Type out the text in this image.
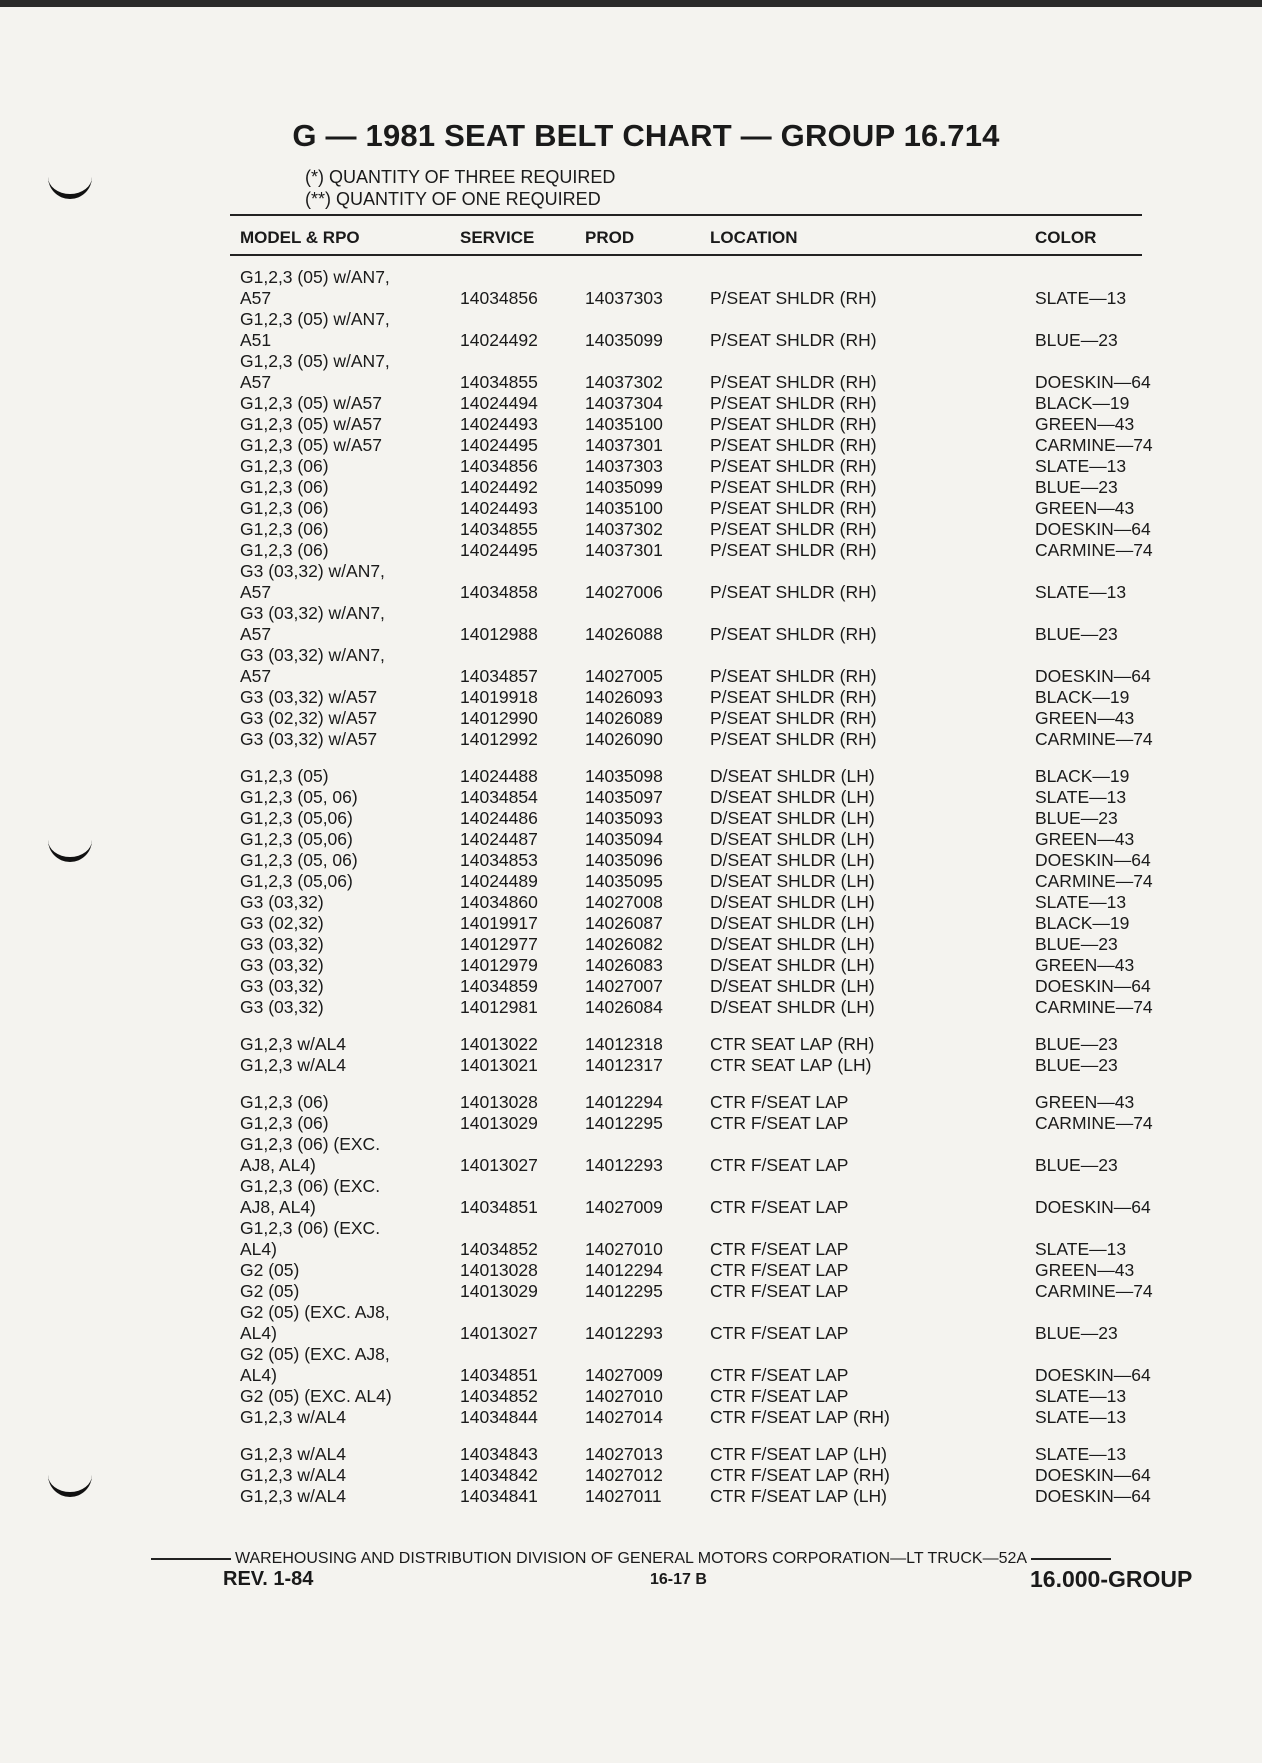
G — 1981 SEAT BELT CHART — GROUP 16.714
(*) QUANTITY OF THREE REQUIRED
(**) QUANTITY OF ONE REQUIRED
MODEL & RPO	SERVICE	PROD	LOCATION	COLOR
G1,2,3 (05) w/AN7,
A57	14034856	14037303	P/SEAT SHLDR (RH)	SLATE—13
G1,2,3 (05) w/AN7,
A51	14024492	14035099	P/SEAT SHLDR (RH)	BLUE—23
G1,2,3 (05) w/AN7,
A57	14034855	14037302	P/SEAT SHLDR (RH)	DOESKIN—64
G1,2,3 (05) w/A57	14024494	14037304	P/SEAT SHLDR (RH)	BLACK—19
G1,2,3 (05) w/A57	14024493	14035100	P/SEAT SHLDR (RH)	GREEN—43
G1,2,3 (05) w/A57	14024495	14037301	P/SEAT SHLDR (RH)	CARMINE—74
G1,2,3 (06)	14034856	14037303	P/SEAT SHLDR (RH)	SLATE—13
G1,2,3 (06)	14024492	14035099	P/SEAT SHLDR (RH)	BLUE—23
G1,2,3 (06)	14024493	14035100	P/SEAT SHLDR (RH)	GREEN—43
G1,2,3 (06)	14034855	14037302	P/SEAT SHLDR (RH)	DOESKIN—64
G1,2,3 (06)	14024495	14037301	P/SEAT SHLDR (RH)	CARMINE—74
G3 (03,32) w/AN7,
A57	14034858	14027006	P/SEAT SHLDR (RH)	SLATE—13
G3 (03,32) w/AN7,
A57	14012988	14026088	P/SEAT SHLDR (RH)	BLUE—23
G3 (03,32) w/AN7,
A57	14034857	14027005	P/SEAT SHLDR (RH)	DOESKIN—64
G3 (03,32) w/A57	14019918	14026093	P/SEAT SHLDR (RH)	BLACK—19
G3 (02,32) w/A57	14012990	14026089	P/SEAT SHLDR (RH)	GREEN—43
G3 (03,32) w/A57	14012992	14026090	P/SEAT SHLDR (RH)	CARMINE—74
G1,2,3 (05)	14024488	14035098	D/SEAT SHLDR (LH)	BLACK—19
G1,2,3 (05, 06)	14034854	14035097	D/SEAT SHLDR (LH)	SLATE—13
G1,2,3 (05,06)	14024486	14035093	D/SEAT SHLDR (LH)	BLUE—23
G1,2,3 (05,06)	14024487	14035094	D/SEAT SHLDR (LH)	GREEN—43
G1,2,3 (05, 06)	14034853	14035096	D/SEAT SHLDR (LH)	DOESKIN—64
G1,2,3 (05,06)	14024489	14035095	D/SEAT SHLDR (LH)	CARMINE—74
G3 (03,32)	14034860	14027008	D/SEAT SHLDR (LH)	SLATE—13
G3 (02,32)	14019917	14026087	D/SEAT SHLDR (LH)	BLACK—19
G3 (03,32)	14012977	14026082	D/SEAT SHLDR (LH)	BLUE—23
G3 (03,32)	14012979	14026083	D/SEAT SHLDR (LH)	GREEN—43
G3 (03,32)	14034859	14027007	D/SEAT SHLDR (LH)	DOESKIN—64
G3 (03,32)	14012981	14026084	D/SEAT SHLDR (LH)	CARMINE—74
G1,2,3 w/AL4	14013022	14012318	CTR SEAT LAP (RH)	BLUE—23
G1,2,3 w/AL4	14013021	14012317	CTR SEAT LAP (LH)	BLUE—23
G1,2,3 (06)	14013028	14012294	CTR F/SEAT LAP	GREEN—43
G1,2,3 (06)	14013029	14012295	CTR F/SEAT LAP	CARMINE—74
G1,2,3 (06) (EXC.
AJ8, AL4)	14013027	14012293	CTR F/SEAT LAP	BLUE—23
G1,2,3 (06) (EXC.
AJ8, AL4)	14034851	14027009	CTR F/SEAT LAP	DOESKIN—64
G1,2,3 (06) (EXC.
AL4)	14034852	14027010	CTR F/SEAT LAP	SLATE—13
G2 (05)	14013028	14012294	CTR F/SEAT LAP	GREEN—43
G2 (05)	14013029	14012295	CTR F/SEAT LAP	CARMINE—74
G2 (05) (EXC. AJ8,
AL4)	14013027	14012293	CTR F/SEAT LAP	BLUE—23
G2 (05) (EXC. AJ8,
AL4)	14034851	14027009	CTR F/SEAT LAP	DOESKIN—64
G2 (05) (EXC. AL4)	14034852	14027010	CTR F/SEAT LAP	SLATE—13
G1,2,3 w/AL4	14034844	14027014	CTR F/SEAT LAP (RH)	SLATE—13
G1,2,3 w/AL4	14034843	14027013	CTR F/SEAT LAP (LH)	SLATE—13
G1,2,3 w/AL4	14034842	14027012	CTR F/SEAT LAP (RH)	DOESKIN—64
G1,2,3 w/AL4	14034841	14027011	CTR F/SEAT LAP (LH)	DOESKIN—64
WAREHOUSING AND DISTRIBUTION DIVISION OF GENERAL MOTORS CORPORATION—LT TRUCK—52A
REV. 1-84	16-17 B	16.000-GROUP
